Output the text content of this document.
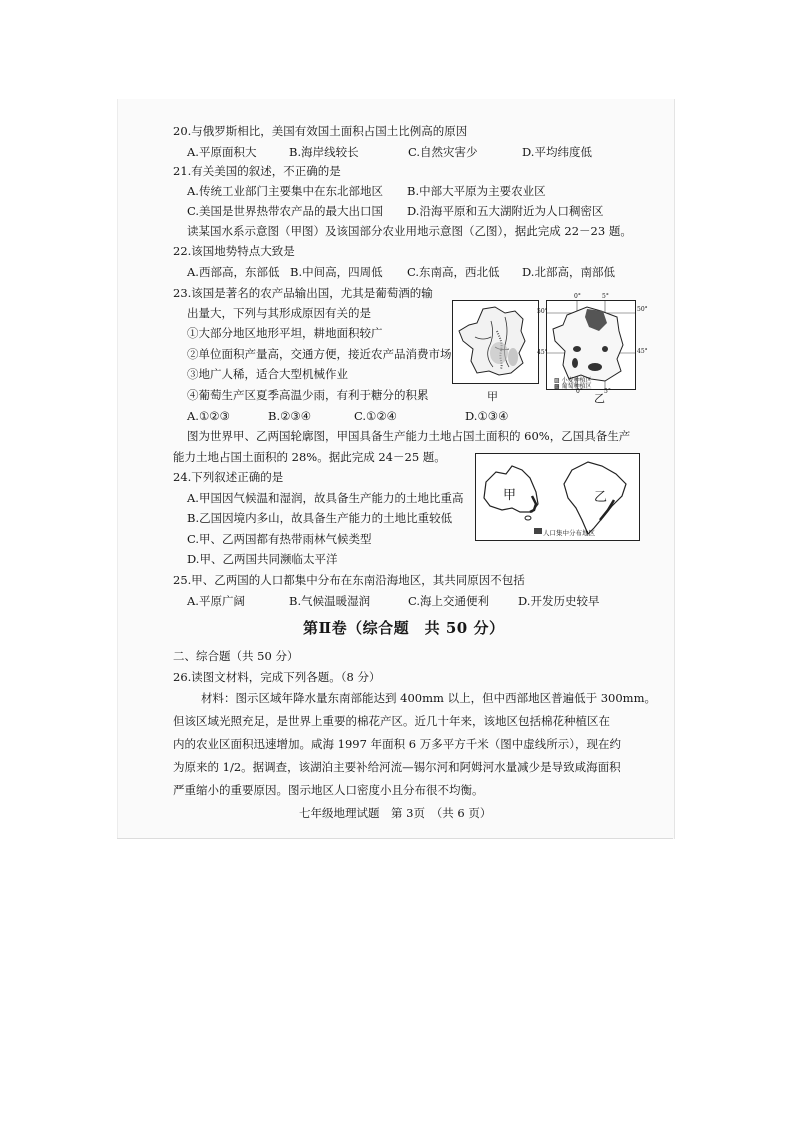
20.与俄罗斯相比，美国有效国土面积占国土比例高的原因
A.平原面积大	B.海岸线较长	C.自然灾害少	D.平均纬度低
21.有关美国的叙述，不正确的是
A.传统工业部门主要集中在东北部地区 B.中部大平原为主要农业区
C.美国是世界热带农产品的最大出口国 D.沿海平原和五大湖附近为人口稠密区
读某国水系示意图（甲图）及该国部分农业用地示意图（乙图），据此完成 22－23 题。
22.该国地势特点大致是
A.西部高，东部低 B.中间高，四周低 C.东南高，西北低 D.北部高，南部低
23.该国是著名的农产品输出国，尤其是葡萄酒的输
出量大，下列与其形成原因有关的是
①大部分地区地形平坦，耕地面积较广
②单位面积产量高，交通方便，接近农产品消费市场
③地广人稀，适合大型机械作业
④葡萄生产区夏季高温少雨，有利于糖分的积累
A.①②③	B.②③④	C.①②④	D.①③④
甲
▨ 小麦种植区
▩ 葡萄种植区
50°
45°
50°
45°
0°	5°
0°	5°
乙
图为世界甲、乙两国轮廓图，甲国具备生产能力土地占国土面积的 60%，乙国具备生产
能力土地占国土面积的 28%。据此完成 24－25 题。
24.下列叙述正确的是
A.甲国因气候温和湿润，故具备生产能力的土地比重高
B.乙国因境内多山，故具备生产能力的土地比重较低
C.甲、乙两国都有热带雨林气候类型
D.甲、乙两国共同濒临太平洋
甲	乙
人口集中分布地区
25.甲、乙两国的人口都集中分布在东南沿海地区，其共同原因不包括
A.平原广阔	B.气候温暖湿润	C.海上交通便利	D.开发历史较早
第Ⅱ卷（综合题　共 50 分）
二、综合题（共 50 分）
26.读图文材料，完成下列各题。（8 分）
材料：图示区域年降水量东南部能达到 400mm 以上，但中西部地区普遍低于 300mm。
但该区域光照充足，是世界上重要的棉花产区。近几十年来，该地区包括棉花种植区在
内的农业区面积迅速增加。咸海 1997 年面积 6 万多平方千米（图中虚线所示），现在约
为原来的 1/2。据调查，该湖泊主要补给河流—锡尔河和阿姆河水量减少是导致咸海面积
严重缩小的重要原因。图示地区人口密度小且分布很不均衡。
七年级地理试题　第 3页　（共 6 页）
